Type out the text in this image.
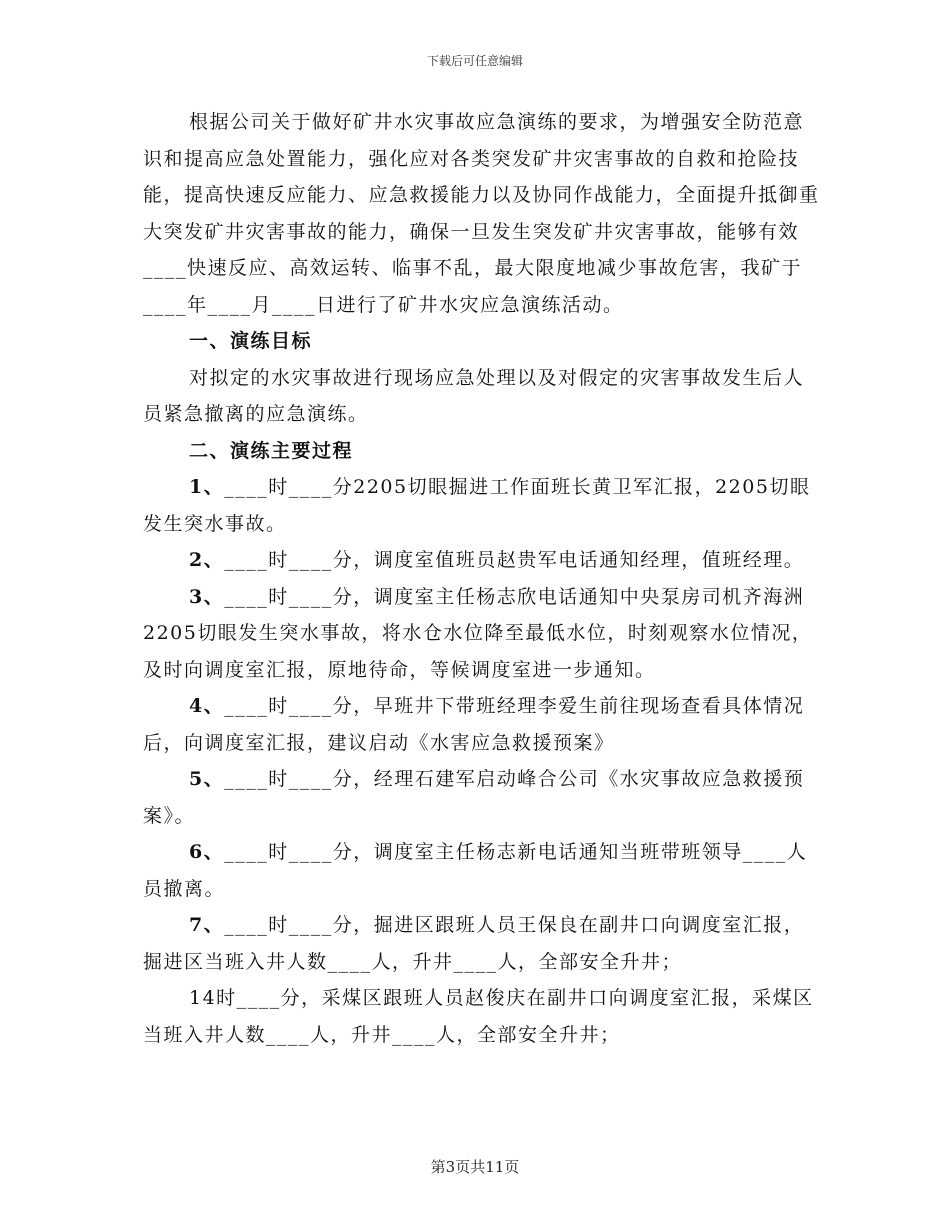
下载后可任意编辑

根据公司关于做好矿井水灾事故应急演练的要求，为增强安全防范意识和提高应急处置能力，强化应对各类突发矿井灾害事故的自救和抢险技能，提高快速反应能力、应急救援能力以及协同作战能力，全面提升抵御重大突发矿井灾害事故的能力，确保一旦发生突发矿井灾害事故，能够有效____快速反应、高效运转、临事不乱，最大限度地减少事故危害，我矿于____年____月____日进行了矿井水灾应急演练活动。

一、演练目标

对拟定的水灾事故进行现场应急处理以及对假定的灾害事故发生后人员紧急撤离的应急演练。

二、演练主要过程

1、____时____分2205切眼掘进工作面班长黄卫军汇报，2205切眼发生突水事故。

2、____时____分，调度室值班员赵贵军电话通知经理，值班经理。

3、____时____分，调度室主任杨志欣电话通知中央泵房司机齐海洲2205切眼发生突水事故，将水仓水位降至最低水位，时刻观察水位情况，及时向调度室汇报，原地待命，等候调度室进一步通知。

4、____时____分，早班井下带班经理李爱生前往现场查看具体情况后，向调度室汇报，建议启动《水害应急救援预案》

5、____时____分，经理石建军启动峰合公司《水灾事故应急救援预案》。

6、____时____分，调度室主任杨志新电话通知当班带班领导____人员撤离。

7、____时____分，掘进区跟班人员王保良在副井口向调度室汇报，掘进区当班入井人数____人，升井____人，全部安全升井；

14时____分，采煤区跟班人员赵俊庆在副井口向调度室汇报，采煤区当班入井人数____人，升井____人，全部安全升井；

第3页共11页
